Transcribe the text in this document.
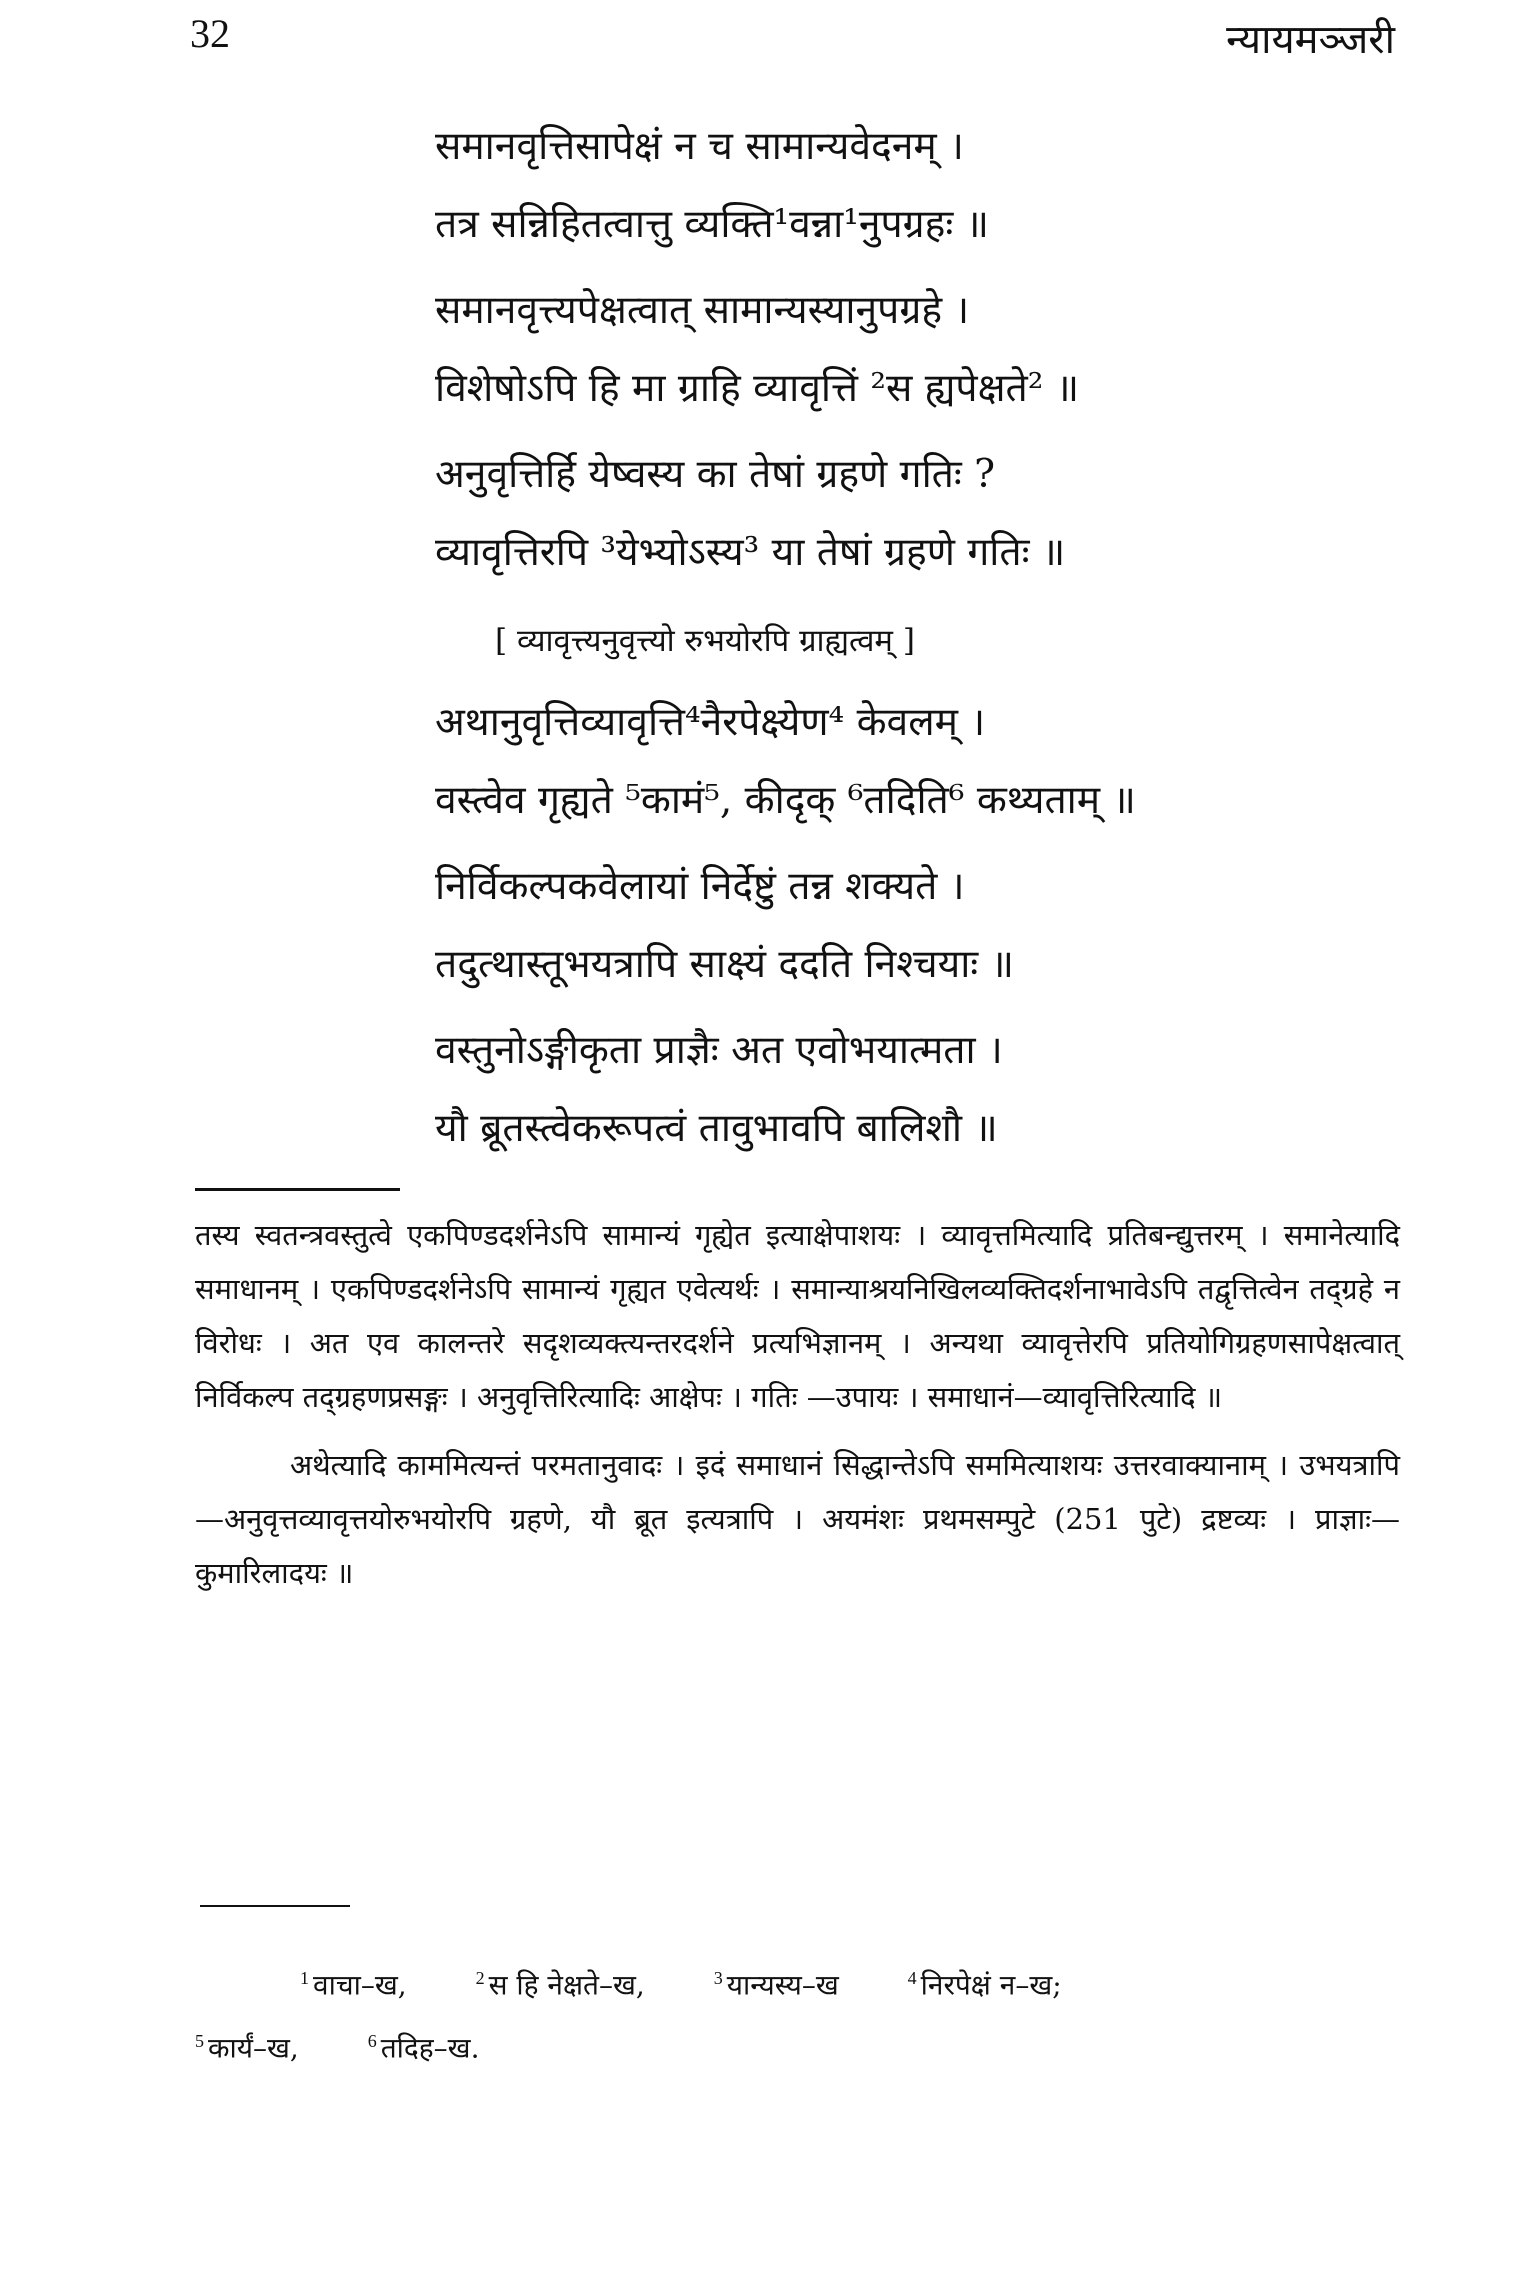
32	न्यायमञ्जरी
समानवृत्तिसापेक्षं न च सामान्यवेदनम् ।
तत्र सन्निहितत्वात्तु व्यक्ति¹वन्ना¹नुपग्रहः ॥
समानवृत्त्यपेक्षत्वात् सामान्यस्यानुपग्रहे ।
विशेषोऽपि हि मा ग्राहि व्यावृत्तिं ²स ह्यपेक्षते² ॥
अनुवृत्तिर्हि येष्वस्य का तेषां ग्रहणे गतिः ?
व्यावृत्तिरपि ³येभ्योऽस्य³ या तेषां ग्रहणे गतिः ॥
[ व्यावृत्त्यनुवृत्त्यो रुभयोरपि ग्राह्यत्वम् ]
अथानुवृत्तिव्यावृत्ति⁴नैरपेक्ष्येण⁴ केवलम् ।
वस्त्वेव गृह्यते ⁵कामं⁵, कीदृक् ⁶तदिति⁶ कथ्यताम् ॥
निर्विकल्पकवेलायां निर्देष्टुं तन्न शक्यते ।
तदुत्थास्तूभयत्रापि साक्ष्यं ददति निश्चयाः ॥
वस्तुनोऽङ्गीकृता प्राज्ञैः अत एवोभयात्मता ।
यौ ब्रूतस्त्वेकरूपत्वं तावुभावपि बालिशौ ॥

तस्य स्वतन्त्रवस्तुत्वे एकपिण्डदर्शनेऽपि सामान्यं गृह्येत इत्याक्षेपाशयः । व्यावृत्तमित्यादि प्रतिबन्द्युत्तरम् । समानेत्यादि समाधानम् । एकपिण्डदर्शनेऽपि सामान्यं गृह्यत एवेत्यर्थः । समान्याश्रयनिखिलव्यक्तिदर्शनाभावेऽपि तद्वृत्तित्वेन तद्ग्रहे न विरोधः । अत एव कालन्तरे सदृशव्यक्त्यन्तरदर्शने प्रत्यभिज्ञानम् । अन्यथा व्यावृत्तेरपि प्रतियोगिग्रहणसापेक्षत्वात् निर्विकल्प तद्ग्रहणप्रसङ्गः । अनुवृत्तिरित्यादिः आक्षेपः । गतिः —उपायः । समाधानं—व्यावृत्तिरित्यादि ॥

अथेत्यादि काममित्यन्तं परमतानुवादः । इदं समाधानं सिद्धान्तेऽपि सममित्याशयः उत्तरवाक्यानाम् । उभयत्रापि—अनुवृत्तव्यावृत्तयोरुभयोरपि ग्रहणे, यौ ब्रूत इत्यत्रापि । अयमंशः प्रथमसम्पुटे (251 पुटे) द्रष्टव्यः । प्राज्ञाः—कुमारिलादयः ॥

$^1$ वाचा–ख,	$^2$ स हि नेक्षते–ख,	$^3$ यान्यस्य–ख	$^4$ निरपेक्षं न–ख;
$^5$ कार्यं–ख,	$^6$ तदिह–ख.
